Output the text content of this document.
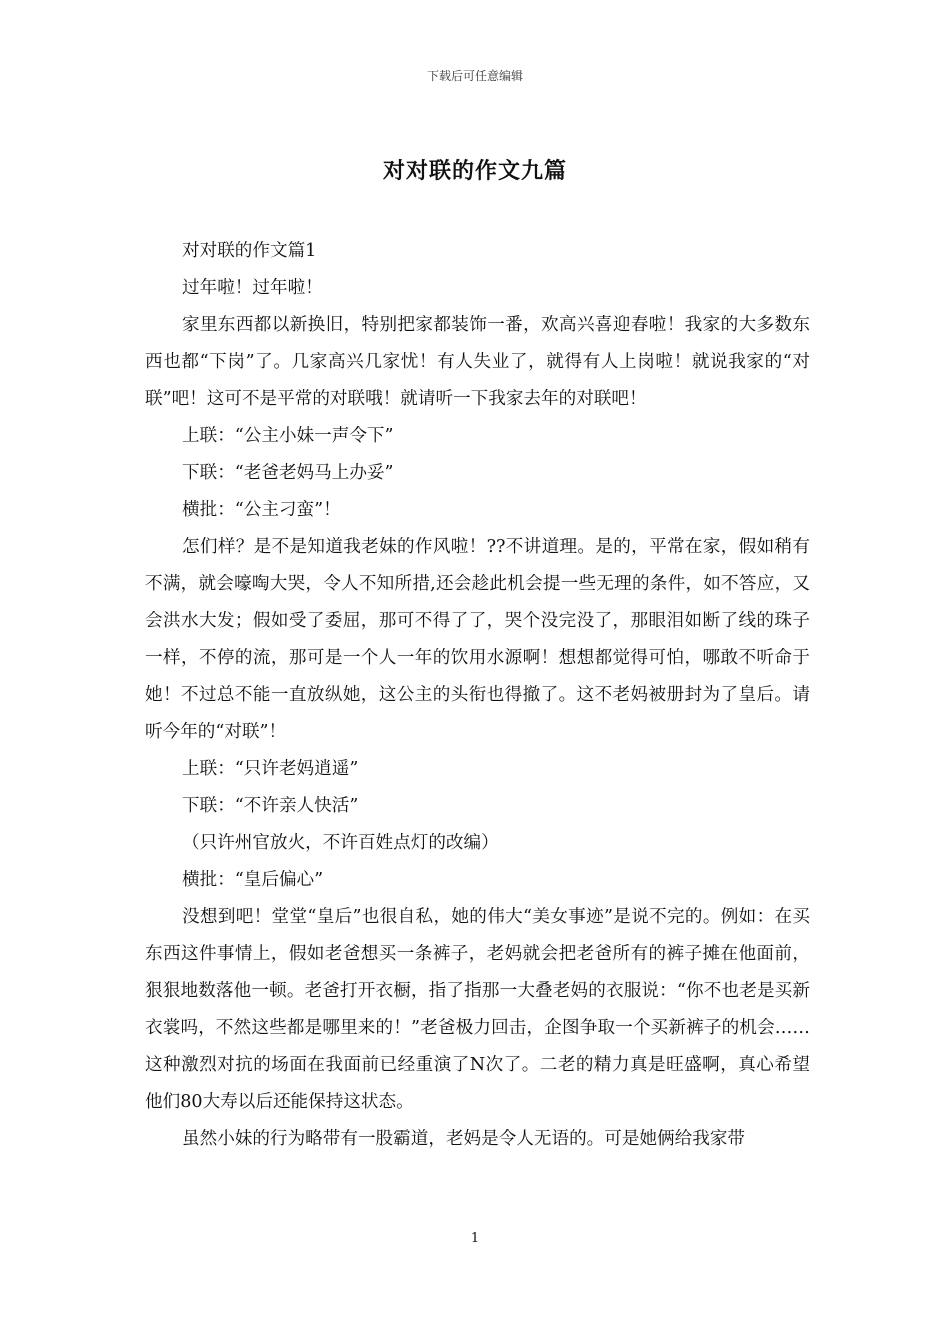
下载后可任意编辑
对对联的作文九篇

对对联的作文篇1

过年啦！过年啦！

家里东西都以新换旧，特别把家都装饰一番，欢高兴喜迎春啦！我家的大多数东西也都“下岗”了。几家高兴几家忧！有人失业了，就得有人上岗啦！就说我家的“对联”吧！这可不是平常的对联哦！就请听一下我家去年的对联吧！

上联：“公主小妹一声令下”

下联：“老爸老妈马上办妥”

横批：“公主刁蛮”！

怎们样？是不是知道我老妹的作风啦！??不讲道理。是的，平常在家，假如稍有不满，就会嚎啕大哭，令人不知所措,还会趁此机会提一些无理的条件，如不答应，又会洪水大发；假如受了委屈，那可不得了了，哭个没完没了，那眼泪如断了线的珠子一样，不停的流，那可是一个人一年的饮用水源啊！想想都觉得可怕，哪敢不听命于她！不过总不能一直放纵她，这公主的头衔也得撤了。这不老妈被册封为了皇后。请听今年的“对联”！

上联：“只许老妈逍遥”

下联：“不许亲人快活”

（只许州官放火，不许百姓点灯的改编）

横批：“皇后偏心”

没想到吧！堂堂“皇后”也很自私，她的伟大“美女事迹”是说不完的。例如：在买东西这件事情上，假如老爸想买一条裤子，老妈就会把老爸所有的裤子摊在他面前，狠狠地数落他一顿。老爸打开衣橱，指了指那一大叠老妈的衣服说：“你不也老是买新衣裳吗，不然这些都是哪里来的！”老爸极力回击，企图争取一个买新裤子的机会……这种激烈对抗的场面在我面前已经重演了N次了。二老的精力真是旺盛啊，真心希望他们80大寿以后还能保持这状态。

虽然小妹的行为略带有一股霸道，老妈是令人无语的。可是她俩给我家带

1
